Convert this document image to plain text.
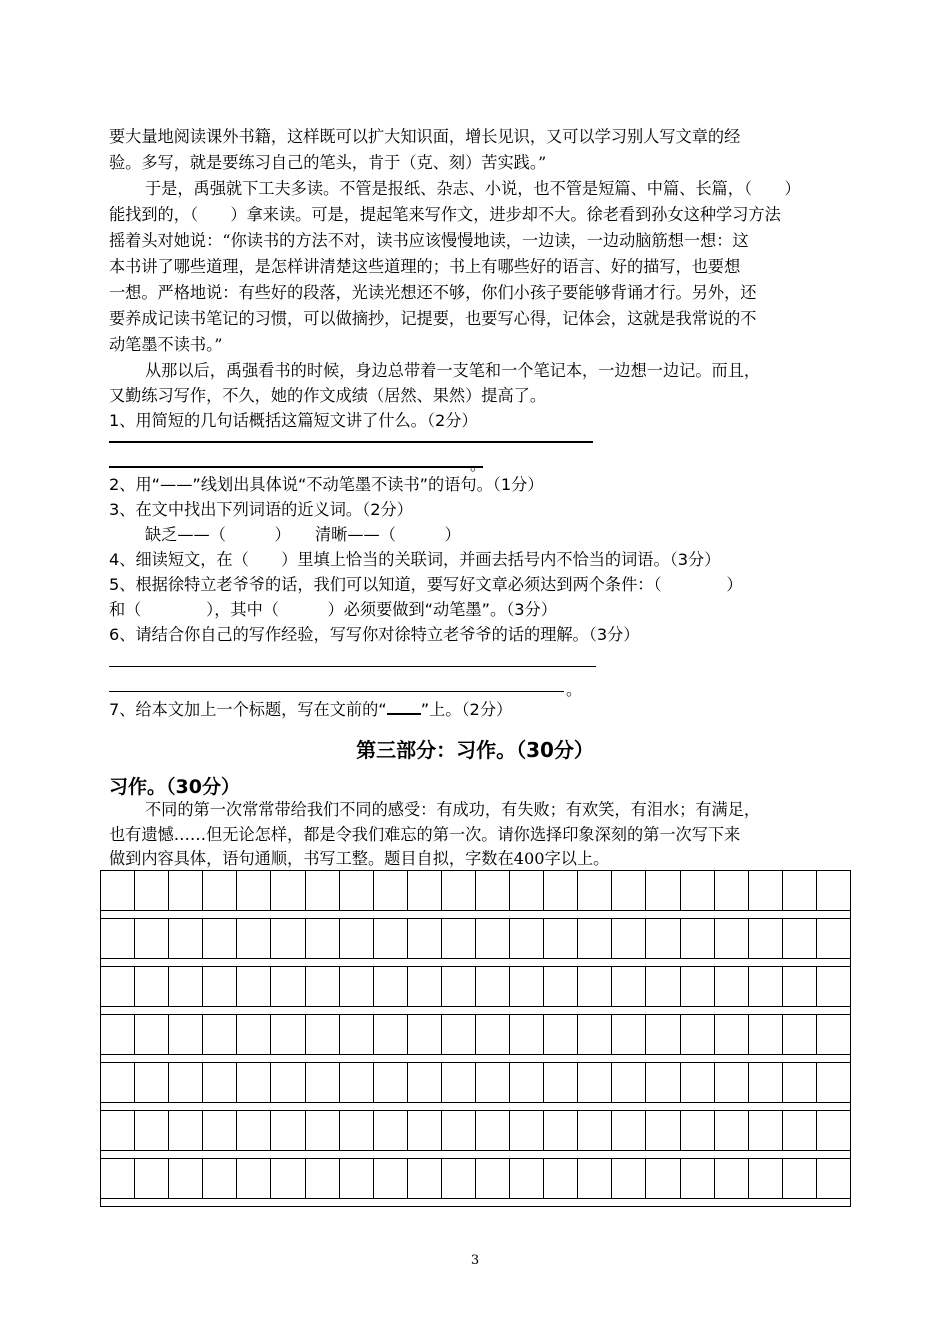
要大量地阅读课外书籍，这样既可以扩大知识面，增长见识，又可以学习别人写文章的经
验。多写，就是要练习自己的笔头，肯于（克、刻）苦实践。”
于是，禹强就下工夫多读。不管是报纸、杂志、小说，也不管是短篇、中篇、长篇，（　　）
能找到的，（　　）拿来读。可是，提起笔来写作文，进步却不大。徐老看到孙女这种学习方法
摇着头对她说：“你读书的方法不对，读书应该慢慢地读，一边读，一边动脑筋想一想：这
本书讲了哪些道理，是怎样讲清楚这些道理的；书上有哪些好的语言、好的描写，也要想
一想。严格地说：有些好的段落，光读光想还不够，你们小孩子要能够背诵才行。另外，还
要养成记读书笔记的习惯，可以做摘抄，记提要，也要写心得，记体会，这就是我常说的不
动笔墨不读书。”
从那以后，禹强看书的时候，身边总带着一支笔和一个笔记本，一边想一边记。而且，
又勤练习写作，不久，她的作文成绩（居然、果然）提高了。
1、用简短的几句话概括这篇短文讲了什么。（2分）
。
2、用“——”线划出具体说“不动笔墨不读书”的语句。（1分）
3、在文中找出下列词语的近义词。（2分）
缺乏——（　　　）　　清晰——（　　　）
4、细读短文，在（　　）里填上恰当的关联词，并画去括号内不恰当的词语。（3分）
5、根据徐特立老爷爷的话，我们可以知道，要写好文章必须达到两个条件：（　　　　）
和（　　　　），其中（　　　）必须要做到“动笔墨”。（3分）
6、请结合你自己的写作经验，写写你对徐特立老爷爷的话的理解。（3分）
。
7、给本文加上一个标题，写在文前的“ ”上。（2分）
第三部分：习作。（30分）
习作。（30分）
不同的第一次常常带给我们不同的感受：有成功，有失败；有欢笑，有泪水；有满足，
也有遗憾……但无论怎样，都是令我们难忘的第一次。请你选择印象深刻的第一次写下来
做到内容具体，语句通顺，书写工整。题目自拟，字数在400字以上。
3
